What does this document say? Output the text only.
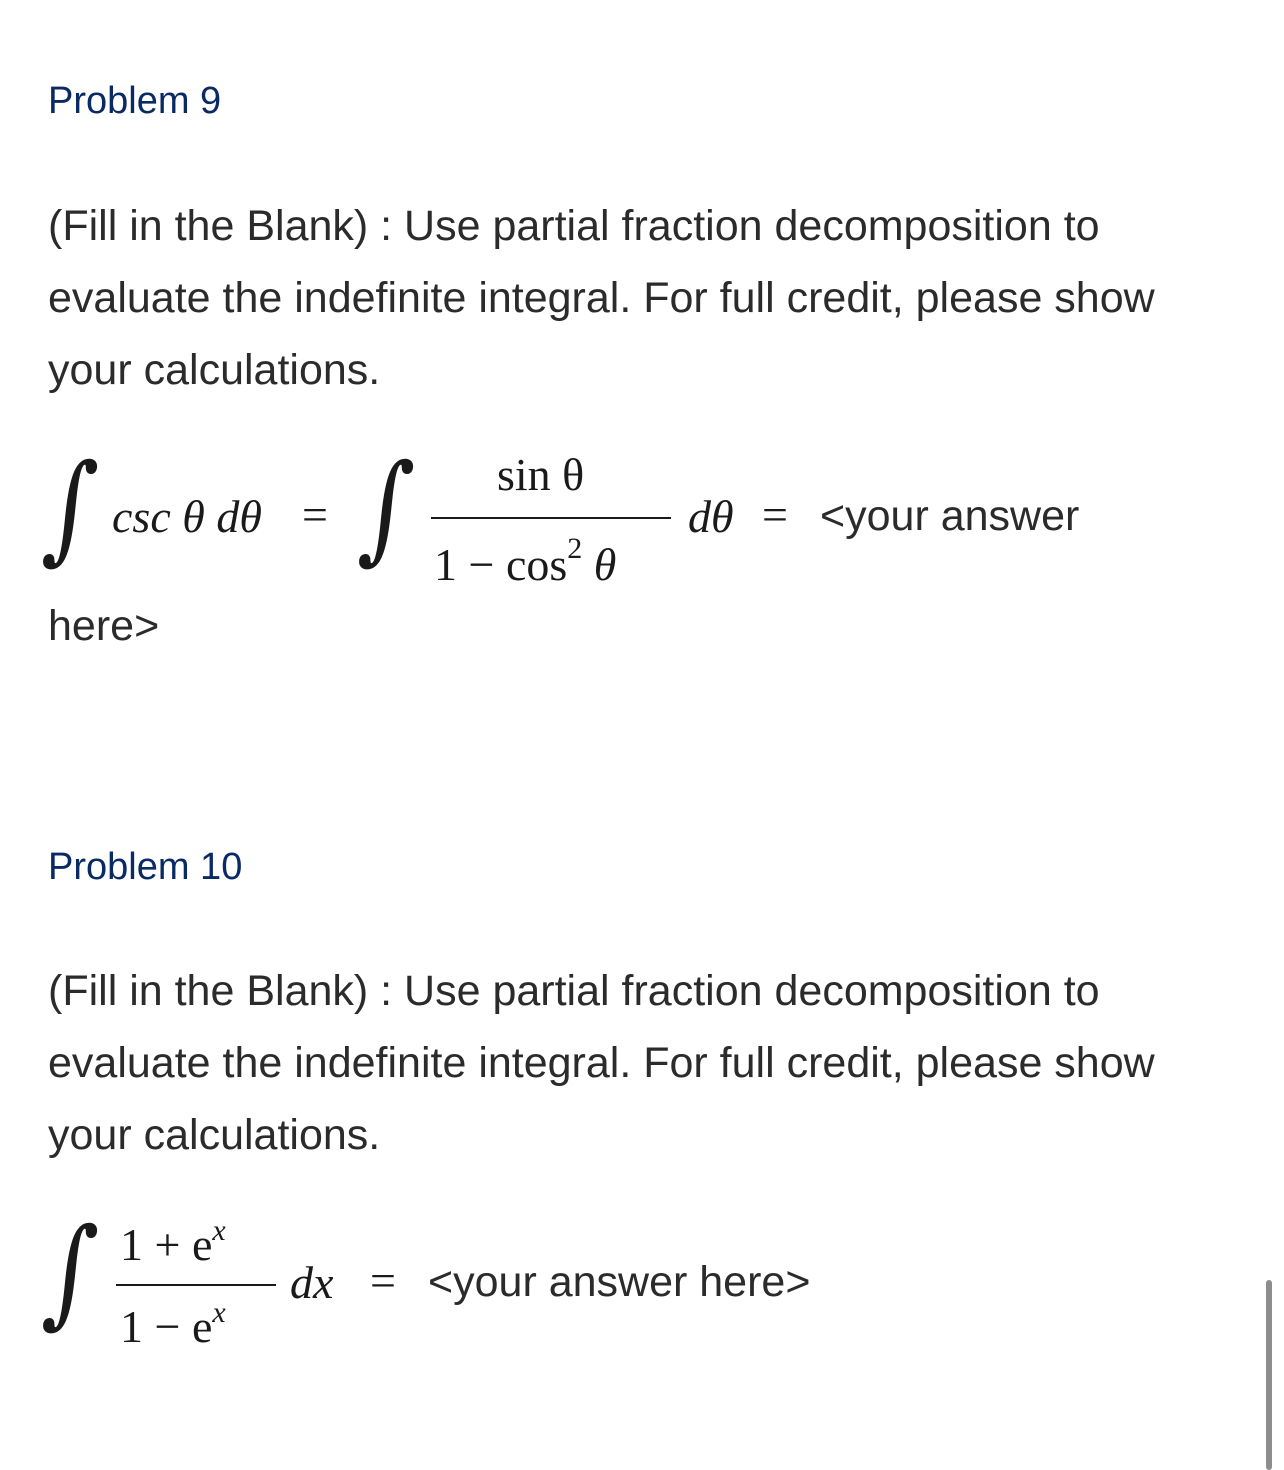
Problem 9

(Fill in the Blank) : Use partial fraction decomposition to evaluate the indefinite integral. For full credit, please show your calculations.

∫ csc θ dθ = ∫ sin θ
$1 - \cos^2 \theta$
dθ = <your answer
here>
Problem 10

(Fill in the Blank) : Use partial fraction decomposition to evaluate the indefinite integral. For full credit, please show your calculations.

∫ $1 + e^x$
$1 - e^x$
dx = <your answer here>
